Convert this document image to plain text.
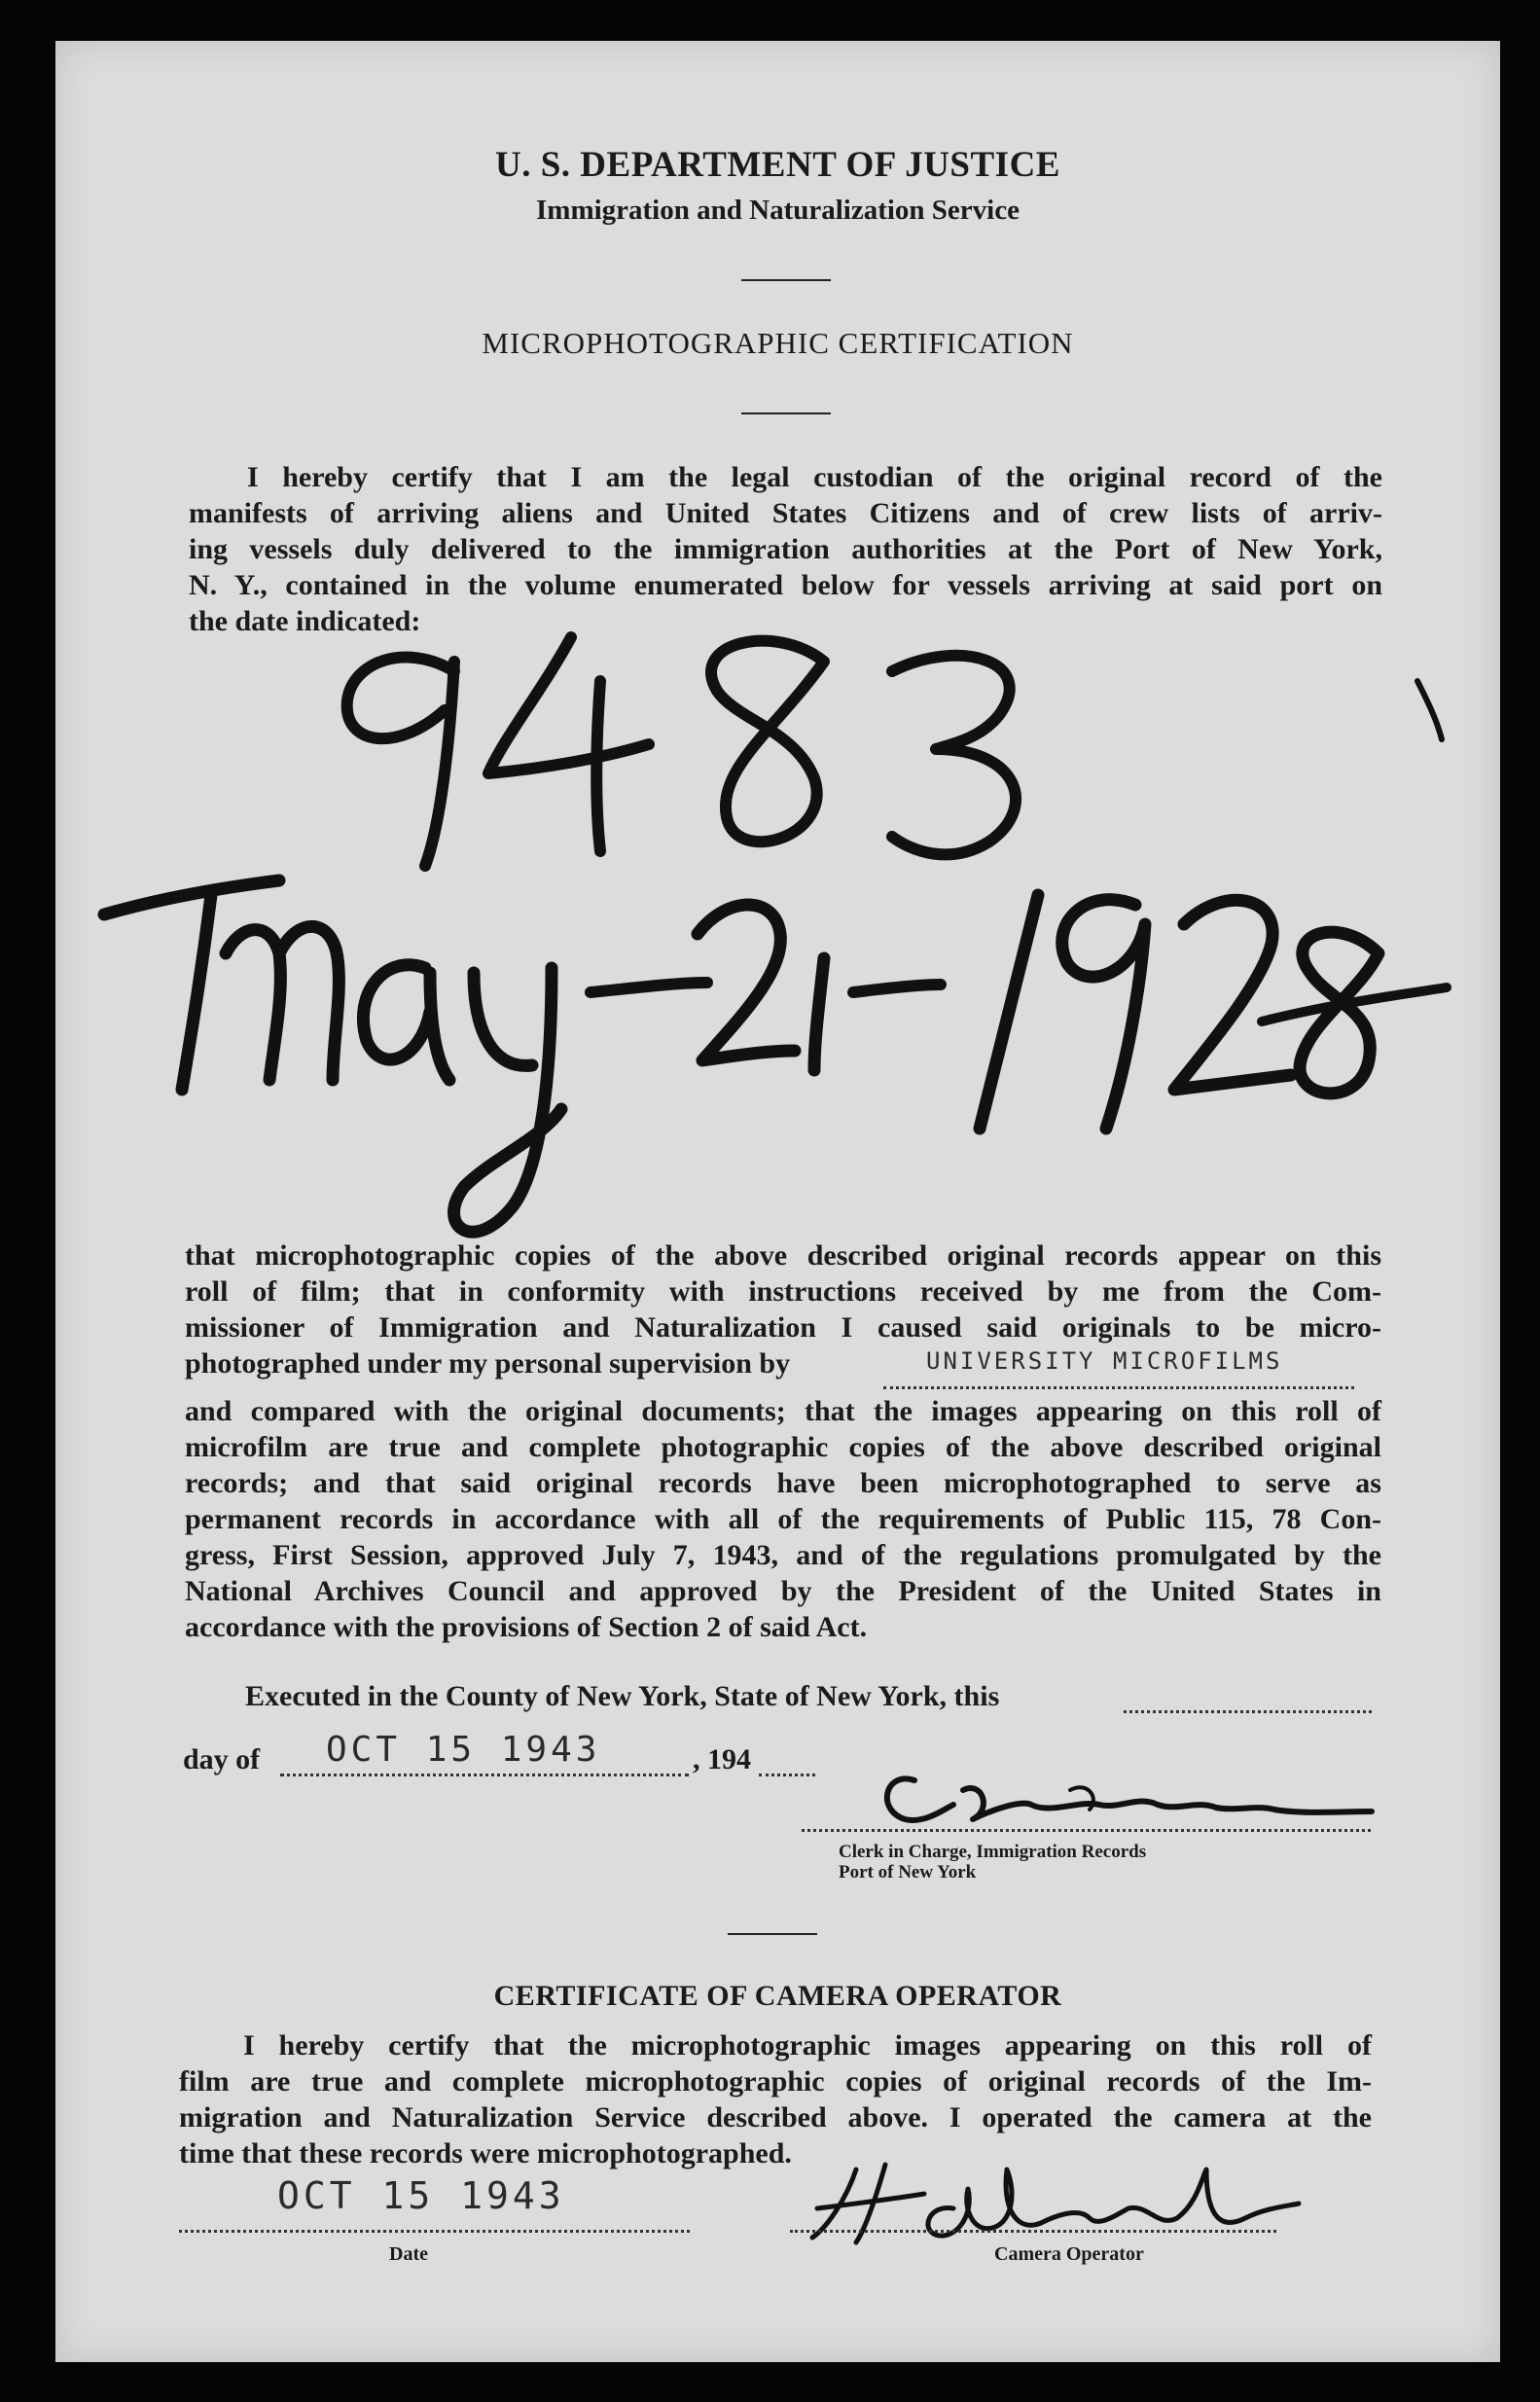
U. S. DEPARTMENT OF JUSTICE
Immigration and Naturalization Service
MICROPHOTOGRAPHIC CERTIFICATION
I hereby certify that I am the legal custodian of the original record of the
manifests of arriving aliens and United States Citizens and of crew lists of arriv-
ing vessels duly delivered to the immigration authorities at the Port of New York,
N. Y., contained in the volume enumerated below for vessels arriving at said port on
the date indicated:
that microphotographic copies of the above described original records appear on this
roll of film; that in conformity with instructions received by me from the Com-
missioner of Immigration and Naturalization I caused said originals to be micro-
photographed under my personal supervision by	UNIVERSITY MICROFILMS
and compared with the original documents; that the images appearing on this roll of
microfilm are true and complete photographic copies of the above described original
records; and that said original records have been microphotographed to serve as
permanent records in accordance with all of the requirements of Public 115, 78 Con-
gress, First Session, approved July 7, 1943, and of the regulations promulgated by the
National Archives Council and approved by the President of the United States in
accordance with the provisions of Section 2 of said Act.
Executed in the County of New York, State of New York, this
day of OCT 15 1943	, 194
Clerk in Charge, Immigration Records
Port of New York
CERTIFICATE OF CAMERA OPERATOR
I hereby certify that the microphotographic images appearing on this roll of
film are true and complete microphotographic copies of original records of the Im-
migration and Naturalization Service described above. I operated the camera at the
time that these records were microphotographed.
OCT 15 1943
Date	Camera Operator
